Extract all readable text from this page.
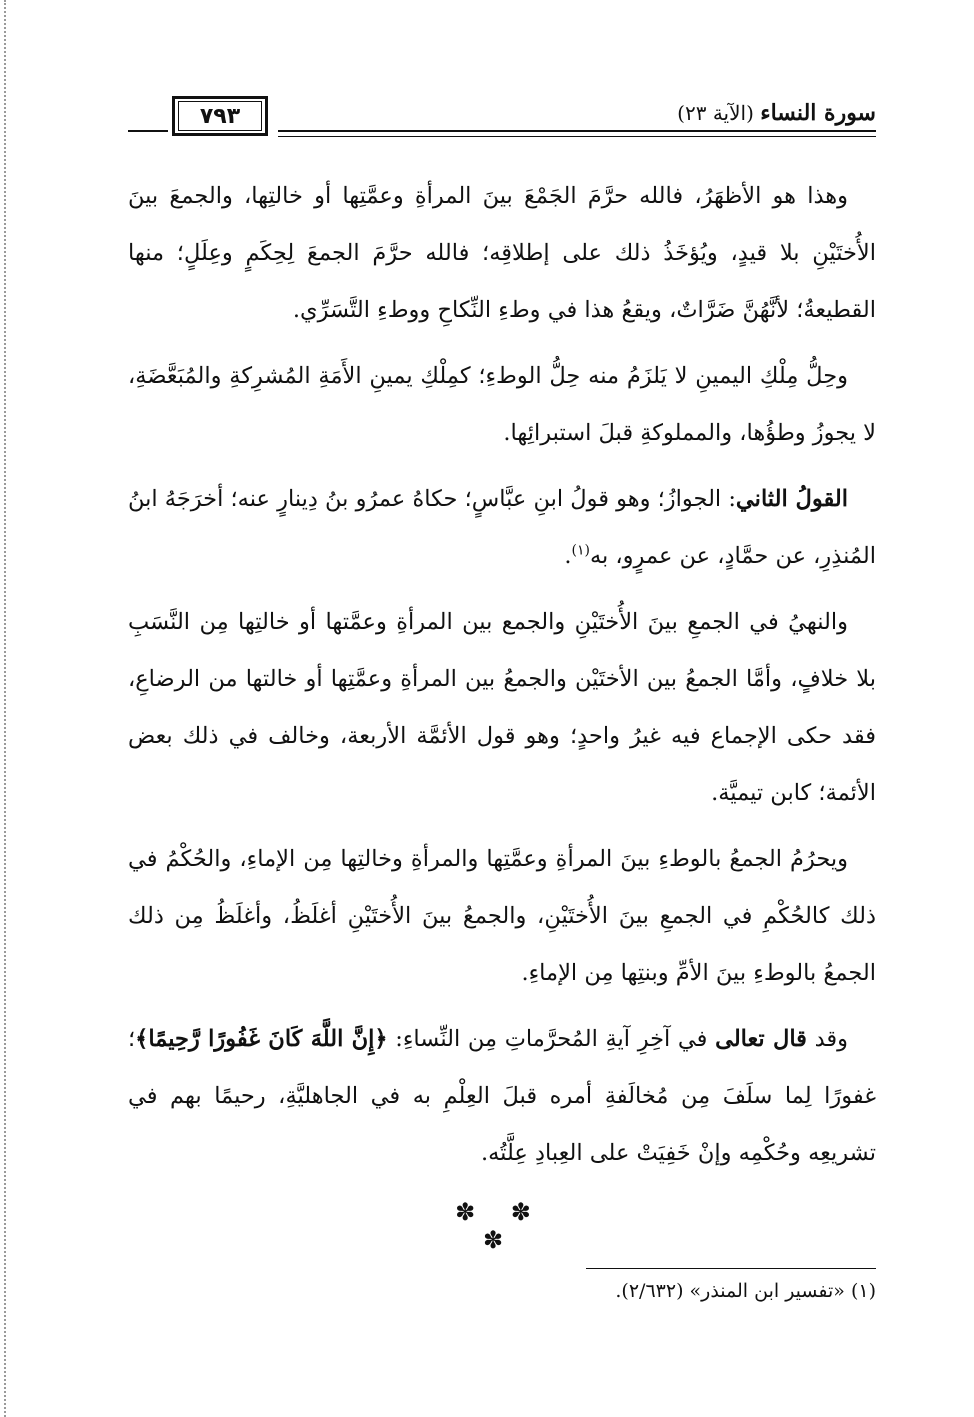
سورة النساء (الآية ٢٣)
٧٩٣

وهذا هو الأظهَرُ، فالله حرَّمَ الجَمْعَ بينَ المرأةِ وعمَّتِها أو خالتِها، والجمعَ بينَ الأُختَيْنِ بلا قيدٍ، ويُؤخَذُ ذلك على إطلاقِه؛ فالله حرَّمَ الجمعَ لِحِكَمٍ وعِلَلٍ؛ منها القطيعةُ؛ لأنَّهُنَّ ضَرَّاتٌ، ويقعُ هذا في وطءِ النِّكاحِ ووطءِ التَّسَرِّي.

وحِلُّ مِلْكِ اليمينِ لا يَلزَمُ منه حِلُّ الوطءِ؛ كمِلْكِ يمينِ الأَمَةِ المُشرِكةِ والمُبَعَّضَةِ، لا يجوزُ وطؤُها، والمملوكةِ قبلَ استبرائِها.

القولُ الثاني: الجوازُ؛ وهو قولُ ابنِ عبَّاسٍ؛ حكاهُ عمرُو بنُ دِينارٍ عنه؛ أخرَجَهُ ابنُ المُنذِرِ، عن حمَّادٍ، عن عمرٍو، به$^{(١)}$.

والنهيُ في الجمعِ بينَ الأُختَيْنِ والجمع بين المرأةِ وعمَّتها أو خالتِها مِن النَّسَبِ بلا خلافٍ، وأمَّا الجمعُ بين الأختَيْن والجمعُ بين المرأةِ وعمَّتِها أو خالتها من الرضاعِ، فقد حكى الإجماع فيه غيرُ واحدٍ؛ وهو قول الأئمَّة الأربعة، وخالف في ذلك بعض الأئمة؛ كابن تيميَّة.

ويحرُمُ الجمعُ بالوطءِ بينَ المرأةِ وعمَّتِها والمرأةِ وخالتِها مِن الإماءِ، والحُكْمُ في ذلك كالحُكْمِ في الجمعِ بينَ الأُختَيْنِ، والجمعُ بينَ الأُختَيْنِ أغلَظُ، وأغلَظُ مِن ذلك الجمعُ بالوطءِ بينَ الأمِّ وبنتِها مِن الإماءِ.

وقد قال تعالى في آخِرِ آيةِ المُحرَّماتِ مِن النِّساءِ: ﴿إِنَّ اللَّهَ كَانَ غَفُورًا رَّحِيمًا﴾؛ غفورًا لِما سلَفَ مِن مُخالَفةِ أمره قبلَ العِلْمِ به في الجاهليَّةِ، رحيمًا بهم في تشريعِه وحُكْمِه وإنْ خَفِيَتْ على العِبادِ عِلَّتُه.

✽ ✽ ✽
(١) «تفسير ابن المنذر» (٢/٦٣٢).
